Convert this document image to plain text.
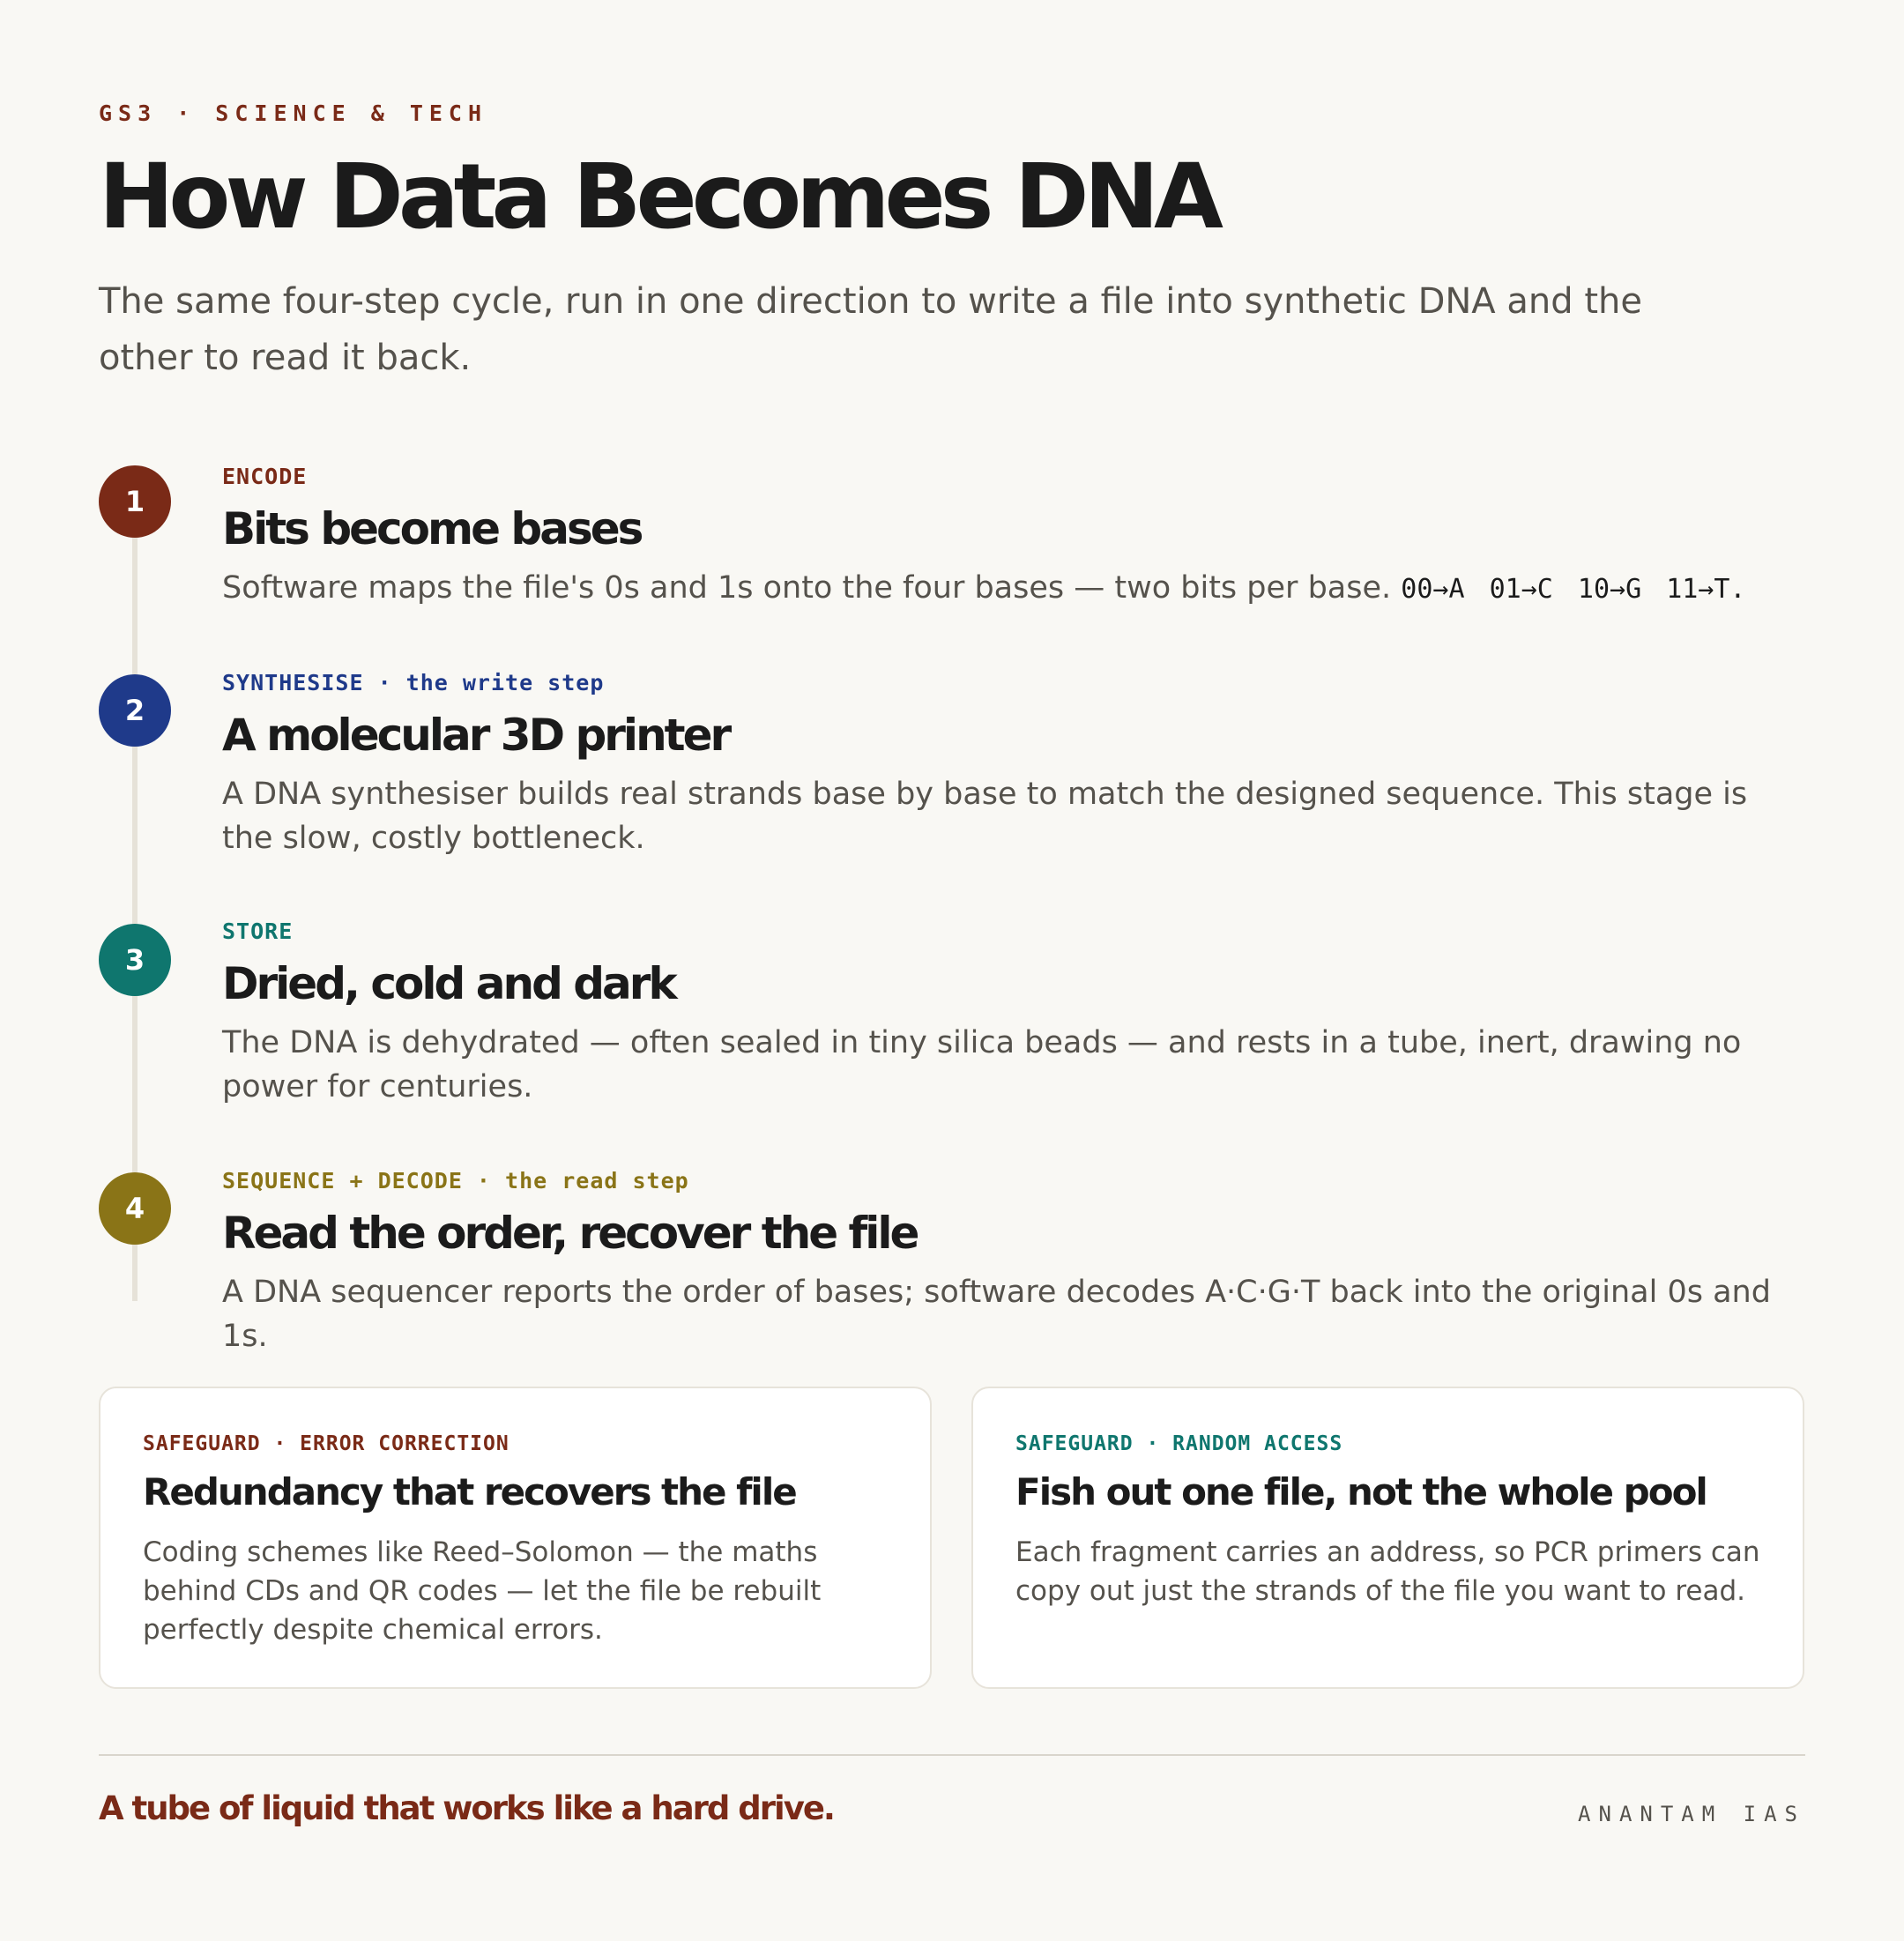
GS3 · SCIENCE & TECH
How Data Becomes DNA

The same four-step cycle, run in one direction to write a file into synthetic DNA and the other to read it back.

1
ENCODE
Bits become bases
Software maps the file's 0s and 1s onto the four bases — two bits per base. 00→A 01→C 10→G 11→T.
2
SYNTHESISE · the write step
A molecular 3D printer
A DNA synthesiser builds real strands base by base to match the designed sequence. This stage is the slow, costly bottleneck.
3
STORE
Dried, cold and dark
The DNA is dehydrated — often sealed in tiny silica beads — and rests in a tube, inert, drawing no power for centuries.
4
SEQUENCE + DECODE · the read step
Read the order, recover the file
A DNA sequencer reports the order of bases; software decodes A·C·G·T back into the original 0s and 1s.
SAFEGUARD · ERROR CORRECTION
Redundancy that recovers the file
Coding schemes like Reed–Solomon — the maths behind CDs and QR codes — let the file be rebuilt perfectly despite chemical errors.
SAFEGUARD · RANDOM ACCESS
Fish out one file, not the whole pool
Each fragment carries an address, so PCR primers can copy out just the strands of the file you want to read.
A tube of liquid that works like a hard drive.	ANANTAM IAS
